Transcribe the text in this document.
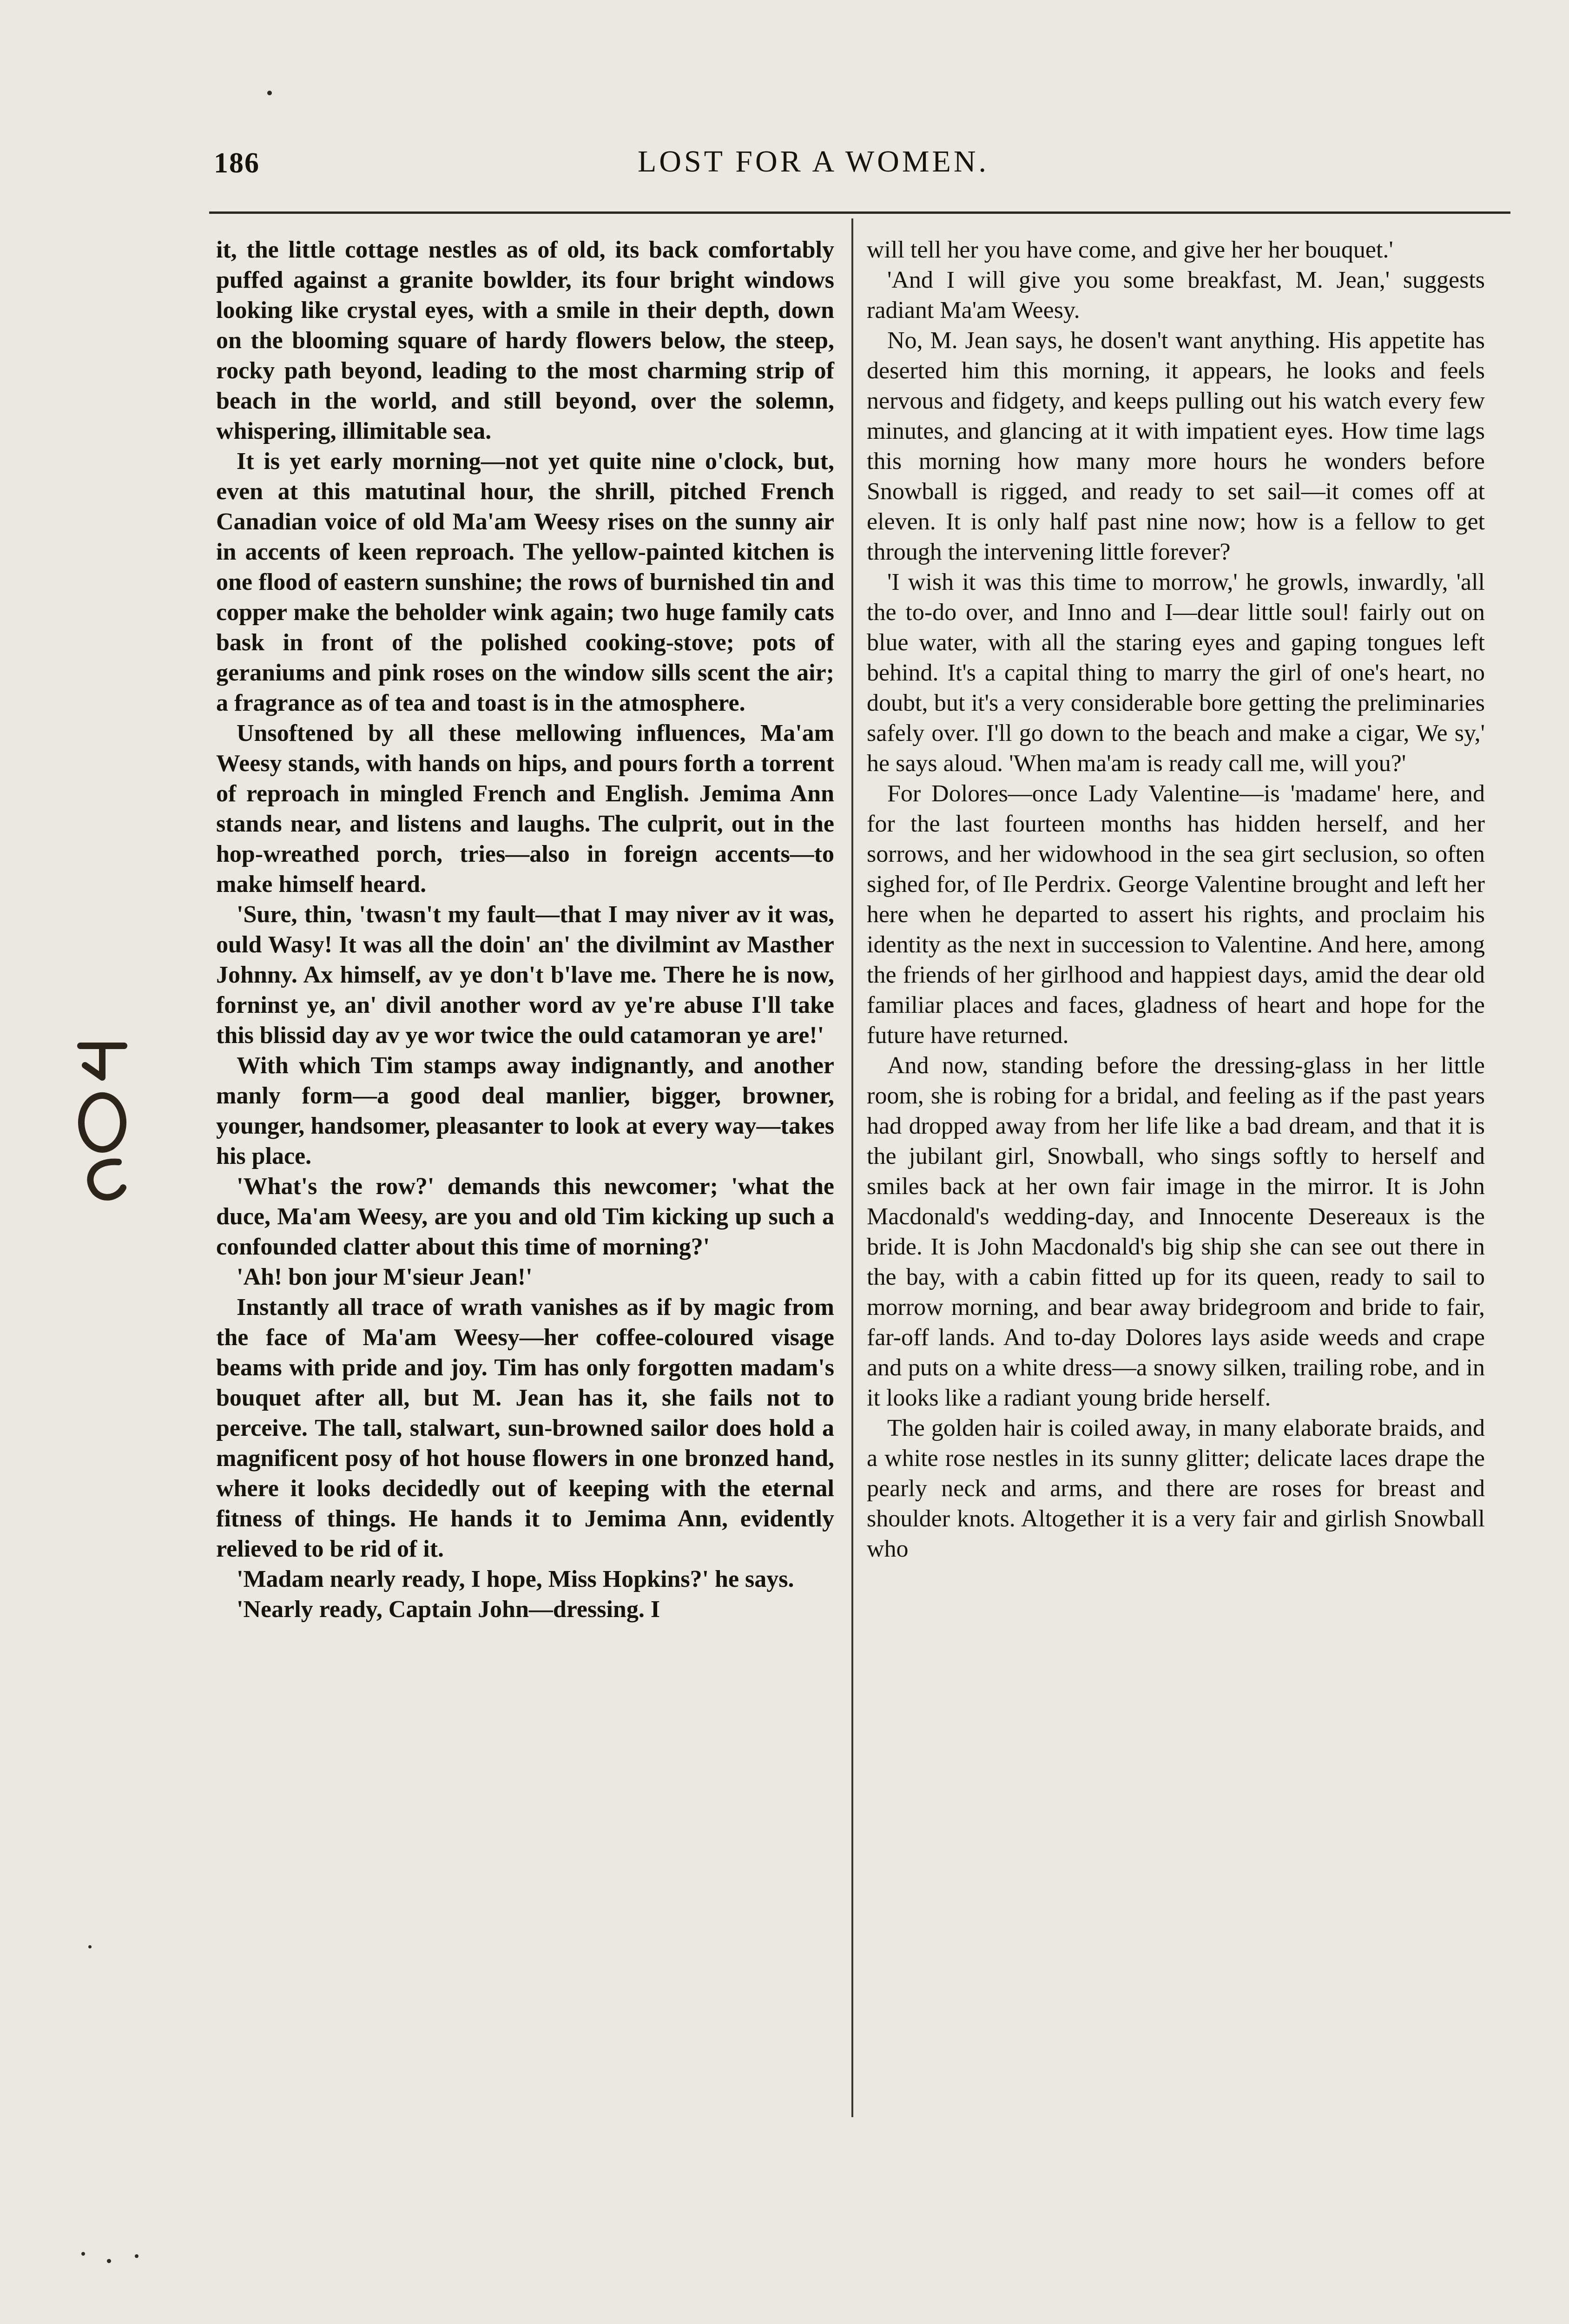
186	LOST FOR A WOMEN.

it, the little cottage nestles as of old, its back comfortably puffed against a granite bowlder, its four bright windows looking like crystal eyes, with a smile in their depth, down on the blooming square of hardy flowers below, the steep, rocky path beyond, leading to the most charming strip of beach in the world, and still beyond, over the solemn, whispering, illimitable sea.

It is yet early morning—not yet quite nine o'clock, but, even at this matutinal hour, the shrill, pitched French Canadian voice of old Ma'am Weesy rises on the sunny air in accents of keen reproach. The yellow-painted kitchen is one flood of eastern sunshine; the rows of burnished tin and copper make the beholder wink again; two huge family cats bask in front of the polished cooking-stove; pots of geraniums and pink roses on the window sills scent the air; a fragrance as of tea and toast is in the atmosphere.

Unsoftened by all these mellowing influences, Ma'am Weesy stands, with hands on hips, and pours forth a torrent of reproach in mingled French and English. Jemima Ann stands near, and listens and laughs. The culprit, out in the hop-wreathed porch, tries—also in foreign accents—to make himself heard.

'Sure, thin, 'twasn't my fault—that I may niver av it was, ould Wasy! It was all the doin' an' the divilmint av Masther Johnny. Ax himself, av ye don't b'lave me. There he is now, forninst ye, an' divil another word av ye're abuse I'll take this blissid day av ye wor twice the ould catamoran ye are!'

With which Tim stamps away indignantly, and another manly form—a good deal manlier, bigger, browner, younger, handsomer, pleasanter to look at every way—takes his place.

'What's the row?' demands this newcomer; 'what the duce, Ma'am Weesy, are you and old Tim kicking up such a confounded clatter about this time of morning?'

'Ah! bon jour M'sieur Jean!'

Instantly all trace of wrath vanishes as if by magic from the face of Ma'am Weesy—her coffee-coloured visage beams with pride and joy. Tim has only forgotten madam's bouquet after all, but M. Jean has it, she fails not to perceive. The tall, stalwart, sun-browned sailor does hold a magnificent posy of hot house flowers in one bronzed hand, where it looks decidedly out of keeping with the eternal fitness of things. He hands it to Jemima Ann, evidently relieved to be rid of it.

'Madam nearly ready, I hope, Miss Hopkins?' he says.

'Nearly ready, Captain John—dressing. I

will tell her you have come, and give her her bouquet.'

'And I will give you some breakfast, M. Jean,' suggests radiant Ma'am Weesy.

No, M. Jean says, he dosen't want anything. His appetite has deserted him this morning, it appears, he looks and feels nervous and fidgety, and keeps pulling out his watch every few minutes, and glancing at it with impatient eyes. How time lags this morning how many more hours he wonders before Snowball is rigged, and ready to set sail—it comes off at eleven. It is only half past nine now; how is a fellow to get through the intervening little forever?

'I wish it was this time to morrow,' he growls, inwardly, 'all the to-do over, and Inno and I—dear little soul! fairly out on blue water, with all the staring eyes and gaping tongues left behind. It's a capital thing to marry the girl of one's heart, no doubt, but it's a very considerable bore getting the preliminaries safely over. I'll go down to the beach and make a cigar, We sy,' he says aloud. 'When ma'am is ready call me, will you?'

For Dolores—once Lady Valentine—is 'madame' here, and for the last fourteen months has hidden herself, and her sorrows, and her widowhood in the sea girt seclusion, so often sighed for, of Ile Perdrix. George Valentine brought and left her here when he departed to assert his rights, and proclaim his identity as the next in succession to Valentine. And here, among the friends of her girlhood and happiest days, amid the dear old familiar places and faces, gladness of heart and hope for the future have returned.

And now, standing before the dressing-glass in her little room, she is robing for a bridal, and feeling as if the past years had dropped away from her life like a bad dream, and that it is the jubilant girl, Snowball, who sings softly to herself and smiles back at her own fair image in the mirror. It is John Macdonald's wedding-day, and Innocente Desereaux is the bride. It is John Macdonald's big ship she can see out there in the bay, with a cabin fitted up for its queen, ready to sail to morrow morning, and bear away bridegroom and bride to fair, far-off lands. And to-day Dolores lays aside weeds and crape and puts on a white dress—a snowy silken, trailing robe, and in it looks like a radiant young bride herself.

The golden hair is coiled away, in many elaborate braids, and a white rose nestles in its sunny glitter; delicate laces drape the pearly neck and arms, and there are roses for breast and shoulder knots. Altogether it is a very fair and girlish Snowball who
